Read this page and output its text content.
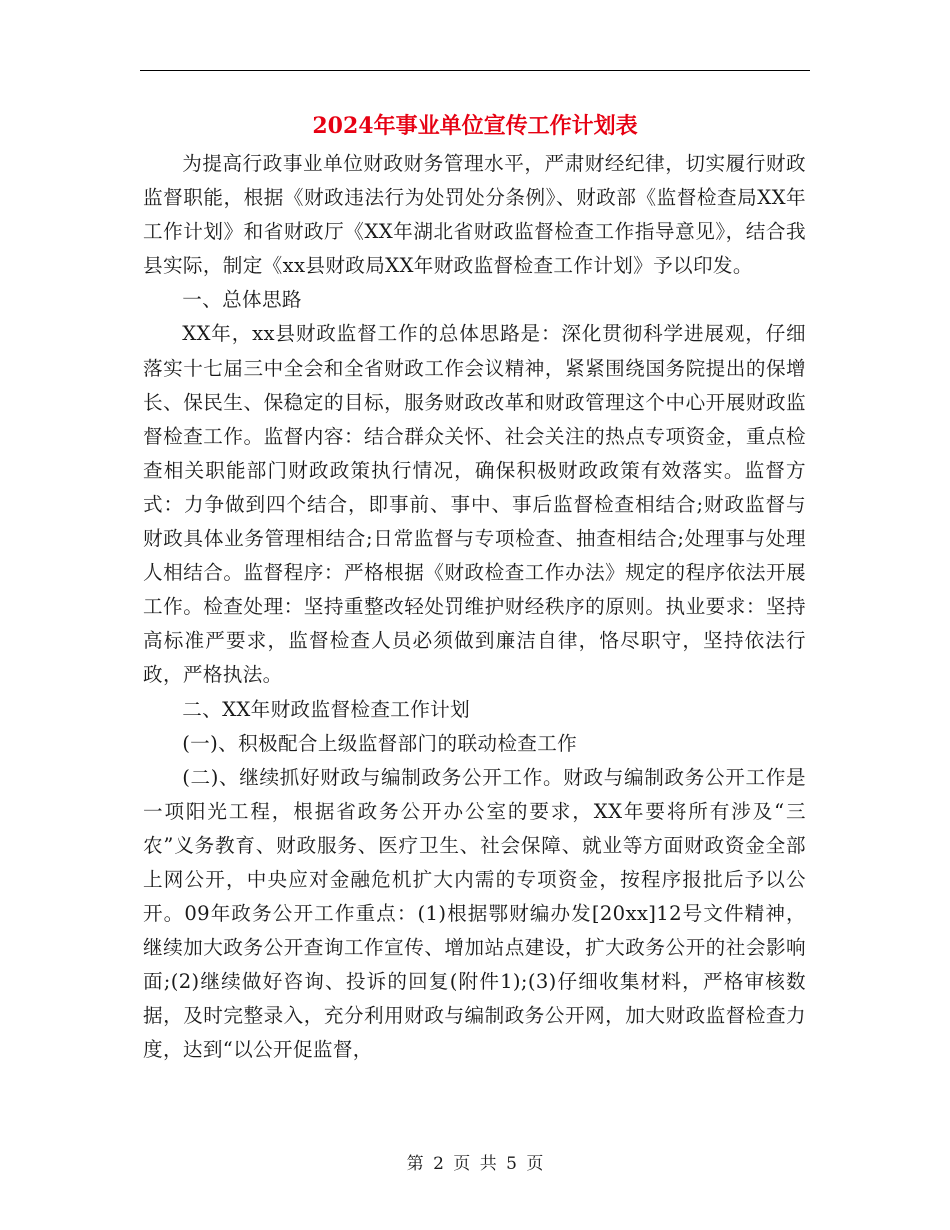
2024年事业单位宣传工作计划表

为提高行政事业单位财政财务管理水平，严肃财经纪律，切实履行财政监督职能，根据《财政违法行为处罚处分条例》、财政部《监督检查局XX年工作计划》和省财政厅《XX年湖北省财政监督检查工作指导意见》，结合我县实际，制定《xx县财政局XX年财政监督检查工作计划》予以印发。

一、总体思路

XX年，xx县财政监督工作的总体思路是：深化贯彻科学进展观，仔细落实十七届三中全会和全省财政工作会议精神，紧紧围绕国务院提出的保增长、保民生、保稳定的目标，服务财政改革和财政管理这个中心开展财政监督检查工作。监督内容：结合群众关怀、社会关注的热点专项资金，重点检查相关职能部门财政政策执行情况，确保积极财政政策有效落实。监督方式：力争做到四个结合，即事前、事中、事后监督检查相结合;财政监督与财政具体业务管理相结合;日常监督与专项检查、抽查相结合;处理事与处理人相结合。监督程序：严格根据《财政检查工作办法》规定的程序依法开展工作。检查处理：坚持重整改轻处罚维护财经秩序的原则。执业要求：坚持高标准严要求，监督检查人员必须做到廉洁自律，恪尽职守，坚持依法行政，严格执法。

二、XX年财政监督检查工作计划

(一)、积极配合上级监督部门的联动检查工作

(二)、继续抓好财政与编制政务公开工作。财政与编制政务公开工作是一项阳光工程，根据省政务公开办公室的要求，XX年要将所有涉及“三农”义务教育、财政服务、医疗卫生、社会保障、就业等方面财政资金全部上网公开，中央应对金融危机扩大内需的专项资金，按程序报批后予以公开。09年政务公开工作重点：(1)根据鄂财编办发[20xx]12号文件精神，继续加大政务公开查询工作宣传、增加站点建设，扩大政务公开的社会影响面;(2)继续做好咨询、投诉的回复(附件1);(3)仔细收集材料，严格审核数据，及时完整录入，充分利用财政与编制政务公开网，加大财政监督检查力度，达到“以公开促监督，

第 2 页 共 5 页
